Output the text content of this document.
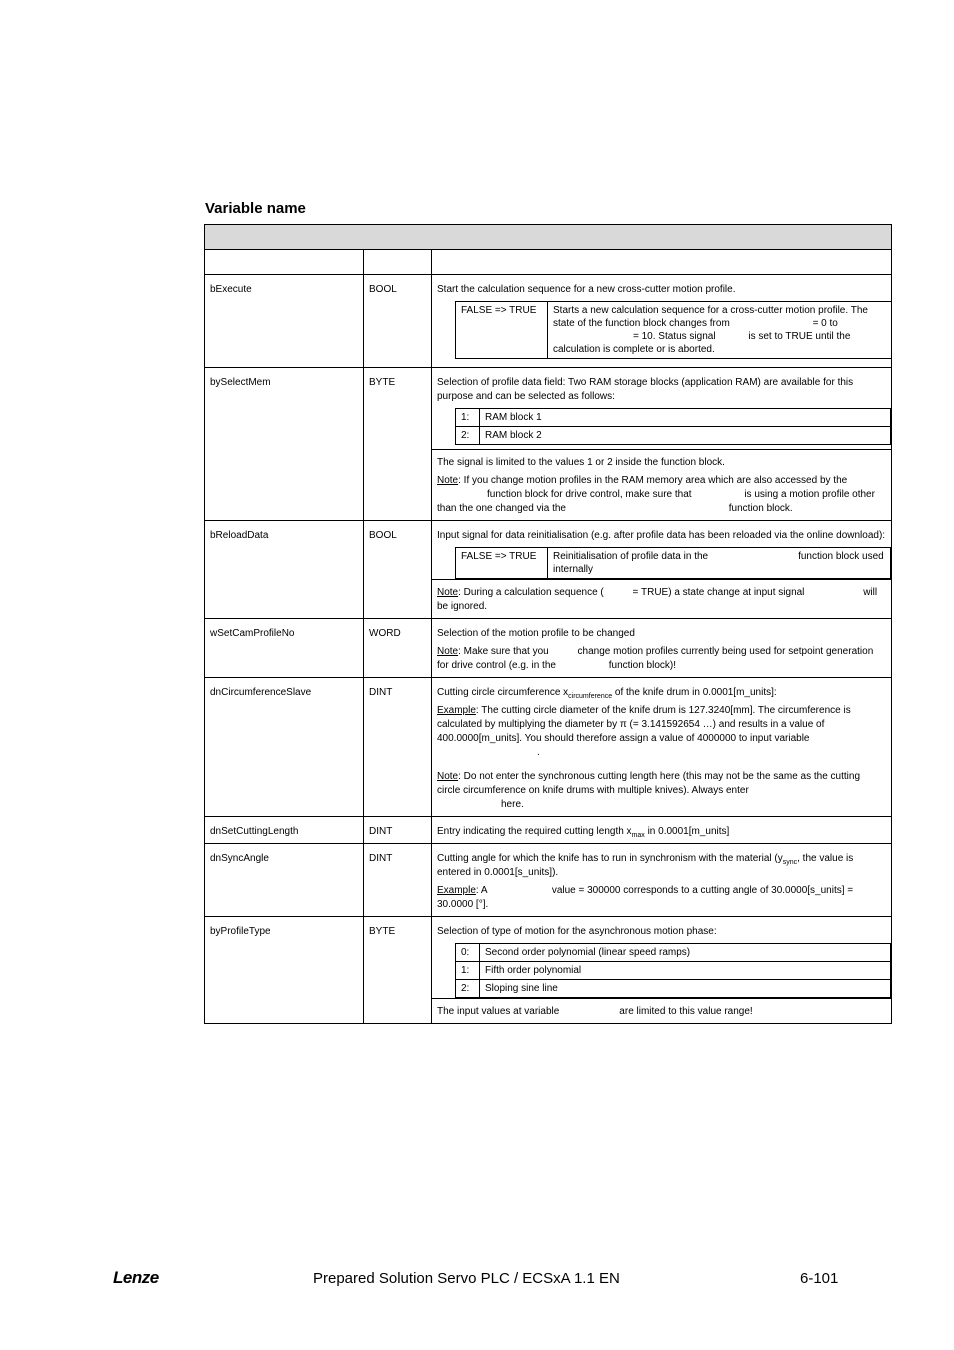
Variable name

bExecute	BOOL	Start the calculation sequence for a new cross-cutter motion profile.
FALSE => TRUE	Starts a new calculation sequence for a cross-cutter motion profile. The state of the function block changes from	= 0 to = 10. Status signal	is set to TRUE until the calculation is complete or is aborted.

bySelectMem	BYTE	Selection of profile data field: Two RAM storage blocks (application RAM) are available for this purpose and can be selected as follows:
1:	RAM block 1
2:	RAM block 2
The signal is limited to the values 1 or 2 inside the function block.
Note: If you change motion profiles in the RAM memory area which are also accessed by the function block for drive control, make sure that	is using a motion profile other than the one changed via the	function block.

bReloadData	BOOL	Input signal for data reinitialisation (e.g. after profile data has been reloaded via the online download):
FALSE => TRUE	Reinitialisation of profile data in the	function block used internally
Note: During a calculation sequence (	= TRUE) a state change at input signal	will be ignored.

wSetCamProfileNo	WORD	Selection of the motion profile to be changed
Note: Make sure that you	change motion profiles currently being used for setpoint generation for drive control (e.g. in the	function block)!

dnCircumferenceSlave	DINT	Cutting circle circumference $x_{circumference}$ of the knife drum in 0.0001[m_units]:
Example: The cutting circle diameter of the knife drum is 127.3240[mm]. The circumference is calculated by multiplying the diameter by π (= 3.141592654 …) and results in a value of 400.0000[m_units]. You should therefore assign a value of 4000000 to input variable
.
Note: Do not enter the synchronous cutting length here (this may not be the same as the cutting circle circumference on knife drums with multiple knives). Always enter
here.

dnSetCuttingLength	DINT	Entry indicating the required cutting length $x_{max}$ in 0.0001[m_units]

dnSyncAngle	DINT	Cutting angle for which the knife has to run in synchronism with the material ($y_{sync}$, the value is entered in 0.0001[s_units]).
Example: A	value = 300000 corresponds to a cutting angle of 30.0000[s_units] = 30.0000 [°].

byProfileType	BYTE	Selection of type of motion for the asynchronous motion phase:
0:	Second order polynomial (linear speed ramps)
1:	Fifth order polynomial
2:	Sloping sine line
The input values at variable	are limited to this value range!
Lenze	Prepared Solution Servo PLC / ECSxA 1.1 EN	6-101
